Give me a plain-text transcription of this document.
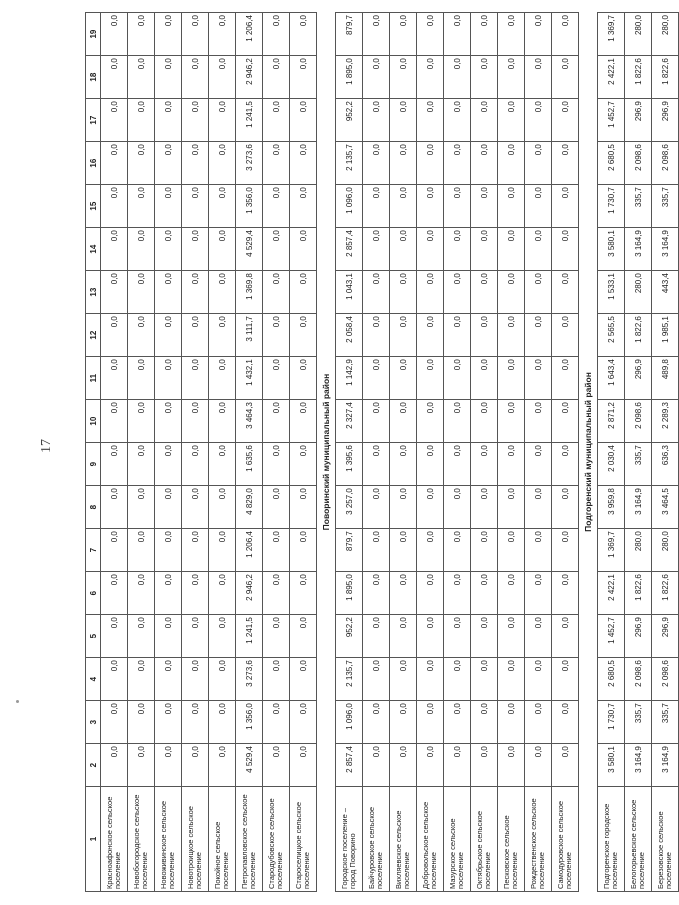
17
1	2	3	4	5	6	7	8	9	10	11	12	13	14	15	16	17	18	19
Красноафонское сельское поселение	0,0	0,0	0,0	0,0	0,0	0,0	0,0	0,0	0,0	0,0	0,0	0,0	0,0	0,0	0,0	0,0	0,0	0,0
Новобогородское сельское поселение	0,0	0,0	0,0	0,0	0,0	0,0	0,0	0,0	0,0	0,0	0,0	0,0	0,0	0,0	0,0	0,0	0,0	0,0
Новоживинское сельское поселение	0,0	0,0	0,0	0,0	0,0	0,0	0,0	0,0	0,0	0,0	0,0	0,0	0,0	0,0	0,0	0,0	0,0	0,0
Новотроицкое сельское поселение	0,0	0,0	0,0	0,0	0,0	0,0	0,0	0,0	0,0	0,0	0,0	0,0	0,0	0,0	0,0	0,0	0,0	0,0
Покойное сельское поселение	0,0	0,0	0,0	0,0	0,0	0,0	0,0	0,0	0,0	0,0	0,0	0,0	0,0	0,0	0,0	0,0	0,0	0,0
Петропавловское сельское поселение	4 529,4	1 356,0	3 273,6	1 241,5	2 946,2	1 206,4	4 829,0	1 635,6	3 464,3	1 432,1	3 111,7	1 369,8	4 529,4	1 356,0	3 273,6	1 241,5	2 946,2	1 206,4
Стародубовское сельское поселение	0,0	0,0	0,0	0,0	0,0	0,0	0,0	0,0	0,0	0,0	0,0	0,0	0,0	0,0	0,0	0,0	0,0	0,0
Староселицкое сельское поселение	0,0	0,0	0,0	0,0	0,0	0,0	0,0	0,0	0,0	0,0	0,0	0,0	0,0	0,0	0,0	0,0	0,0	0,0
Поворинский муниципальный район																		
Городское поселение – город Поворино	2 857,4	1 096,0	2 135,7	952,2	1 895,0	879,7	3 257,0	1 395,6	2 327,4	1 142,9	2 058,4	1 043,1	2 857,4	1 096,0	2 135,7	952,2	1 895,0	879,7
Байчуровское сельское поселение	0,0	0,0	0,0	0,0	0,0	0,0	0,0	0,0	0,0	0,0	0,0	0,0	0,0	0,0	0,0	0,0	0,0	0,0
Вихляевское сельское поселение	0,0	0,0	0,0	0,0	0,0	0,0	0,0	0,0	0,0	0,0	0,0	0,0	0,0	0,0	0,0	0,0	0,0	0,0
Добровольское сельское поселение	0,0	0,0	0,0	0,0	0,0	0,0	0,0	0,0	0,0	0,0	0,0	0,0	0,0	0,0	0,0	0,0	0,0	0,0
Мазурское сельское поселение	0,0	0,0	0,0	0,0	0,0	0,0	0,0	0,0	0,0	0,0	0,0	0,0	0,0	0,0	0,0	0,0	0,0	0,0
Октябрьское сельское поселение	0,0	0,0	0,0	0,0	0,0	0,0	0,0	0,0	0,0	0,0	0,0	0,0	0,0	0,0	0,0	0,0	0,0	0,0
Песковское сельское поселение	0,0	0,0	0,0	0,0	0,0	0,0	0,0	0,0	0,0	0,0	0,0	0,0	0,0	0,0	0,0	0,0	0,0	0,0
Рождественское сельское поселение	0,0	0,0	0,0	0,0	0,0	0,0	0,0	0,0	0,0	0,0	0,0	0,0	0,0	0,0	0,0	0,0	0,0	0,0
Самодуровское сельское поселение	0,0	0,0	0,0	0,0	0,0	0,0	0,0	0,0	0,0	0,0	0,0	0,0	0,0	0,0	0,0	0,0	0,0	0,0
Подгоренский муниципальный район																		
Подгоренское городское поселение	3 580,1	1 730,7	2 680,5	1 452,7	2 422,1	1 369,7	3 959,8	2 030,4	2 871,2	1 643,4	2 565,5	1 533,1	3 580,1	1 730,7	2 680,5	1 452,7	2 422,1	1 369,7
Белогорьевское сельское поселение	3 164,9	335,7	2 098,6	296,9	1 822,6	280,0	3 164,9	335,7	2 098,6	296,9	1 822,6	280,0	3 164,9	335,7	2 098,6	296,9	1 822,6	280,0
Березовское сельское поселение	3 164,9	335,7	2 098,6	296,9	1 822,6	280,0	3 464,5	636,3	2 289,3	489,8	1 985,1	443,4	3 164,9	335,7	2 098,6	296,9	1 822,6	280,0
